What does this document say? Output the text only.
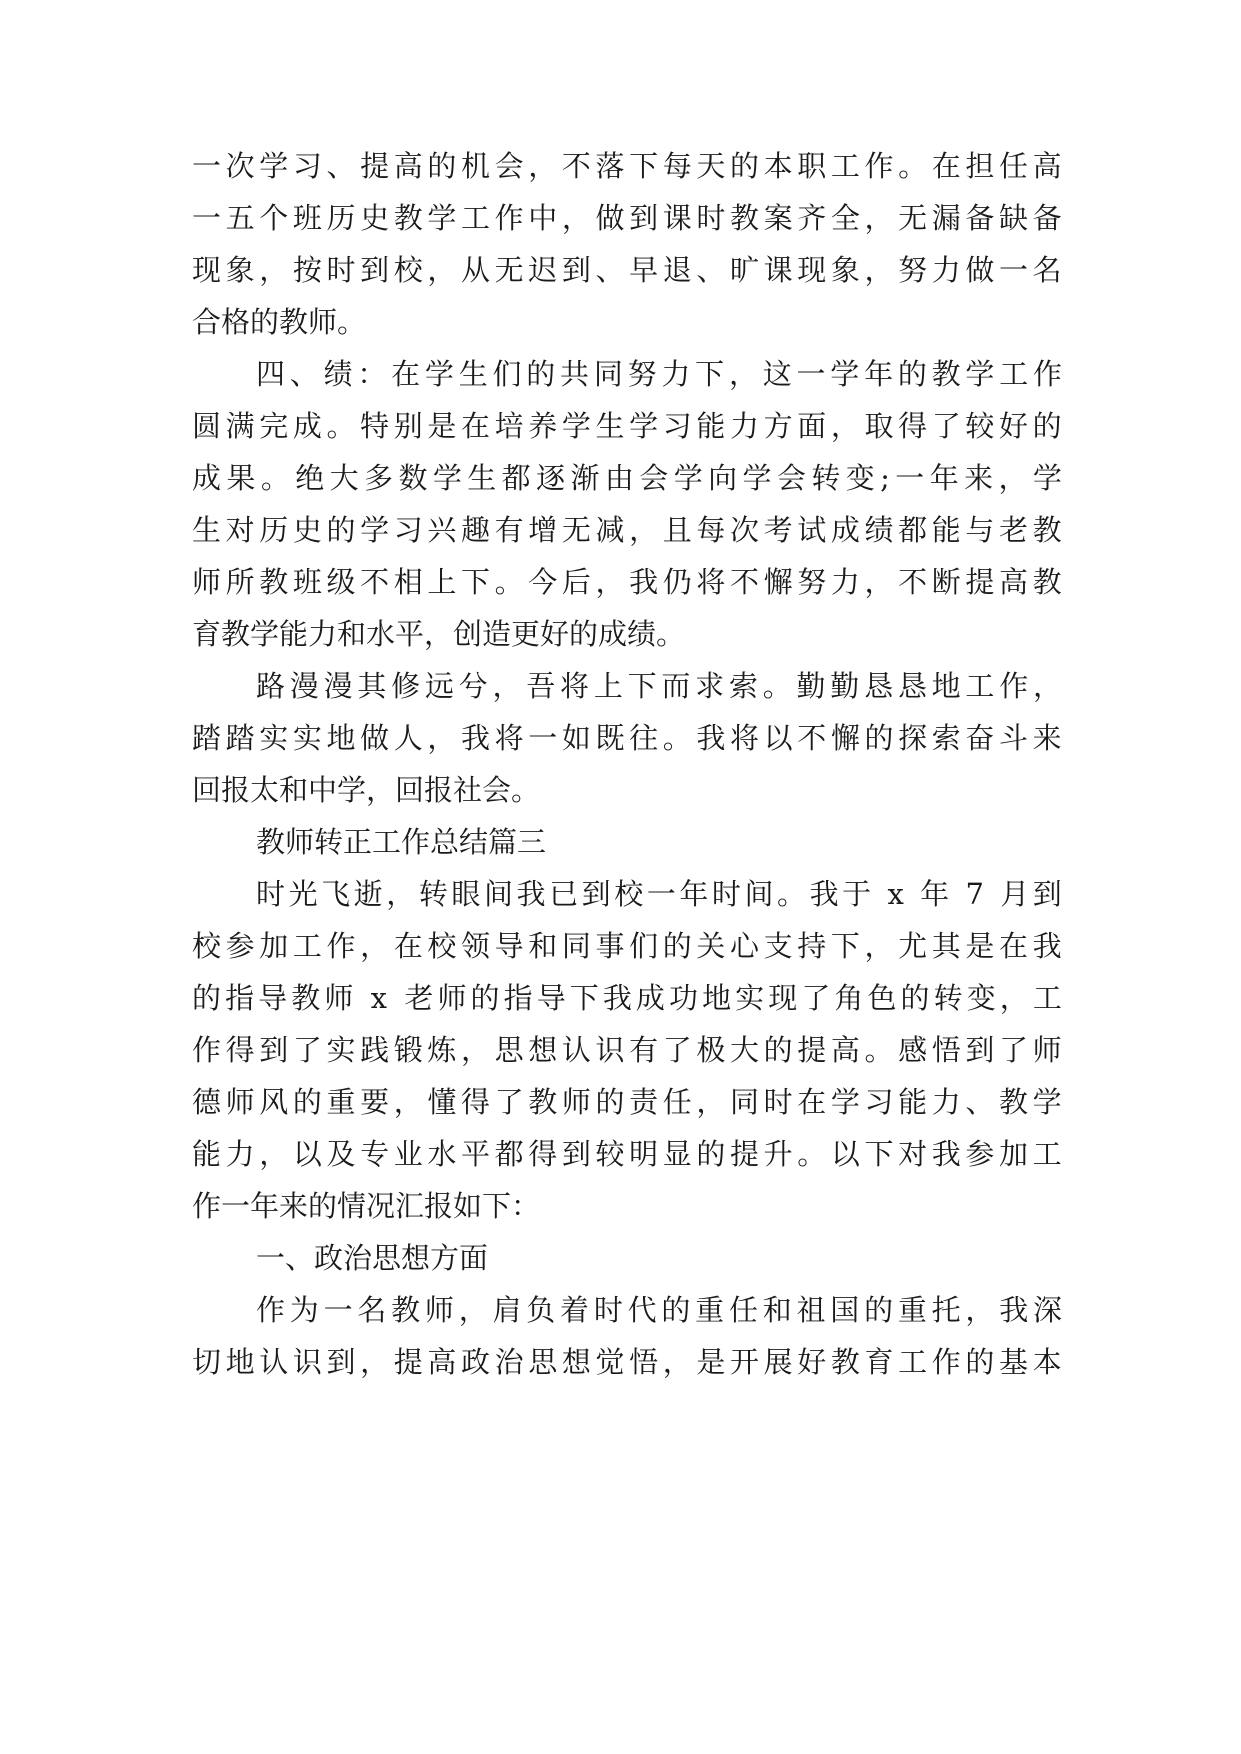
一 次 学 习 、 提 高 的 机 会 ， 不 落 下 每 天 的 本 职 工 作 。 在 担 任 高
一 五 个 班 历 史 教 学 工 作 中 ， 做 到 课 时 教 案 齐 全 ， 无 漏 备 缺 备
现 象 ， 按 时 到 校 ， 从 无 迟 到 、 早 退 、 旷 课 现 象 ， 努 力 做 一 名
合格的教师。
四 、 绩 ： 在 学 生 们 的 共 同 努 力 下 ， 这 一 学 年 的 教 学 工 作
圆 满 完 成 。 特 别 是 在 培 养 学 生 学 习 能 力 方 面 ， 取 得 了 较 好 的
成 果 。 绝 大 多 数 学 生 都 逐 渐 由 会 学 向 学 会 转 变 ; 一 年 来 ， 学
生 对 历 史 的 学 习 兴 趣 有 增 无 减 ， 且 每 次 考 试 成 绩 都 能 与 老 教
师 所 教 班 级 不 相 上 下 。 今 后 ， 我 仍 将 不 懈 努 力 ， 不 断 提 高 教
育教学能力和水平，创造更好的成绩。
路 漫 漫 其 修 远 兮 ， 吾 将 上 下 而 求 索 。 勤 勤 恳 恳 地 工 作 ，
踏 踏 实 实 地 做 人 ， 我 将 一 如 既 往 。 我 将 以 不 懈 的 探 索 奋 斗 来
回报太和中学，回报社会。
教师转正工作总结篇三
时 光 飞 逝 ， 转 眼 间 我 已 到 校 一 年 时 间 。 我 于
x
年
7
月 到
校 参 加 工 作 ， 在 校 领 导 和 同 事 们 的 关 心 支 持 下 ， 尤 其 是 在 我
的 指 导 教 师
x
老 师 的 指 导 下 我 成 功 地 实 现 了 角 色 的 转 变 ， 工
作 得 到 了 实 践 锻 炼 ， 思 想 认 识 有 了 极 大 的 提 高 。 感 悟 到 了 师
德 师 风 的 重 要 ， 懂 得 了 教 师 的 责 任 ， 同 时 在 学 习 能 力 、 教 学
能 力 ， 以 及 专 业 水 平 都 得 到 较 明 显 的 提 升 。 以 下 对 我 参 加 工
作一年来的情况汇报如下：
一、政治思想方面
作 为 一 名 教 师 ， 肩 负 着 时 代 的 重 任 和 祖 国 的 重 托 ， 我 深
切 地 认 识 到 ， 提 高 政 治 思 想 觉 悟 ， 是 开 展 好 教 育 工 作 的 基 本
